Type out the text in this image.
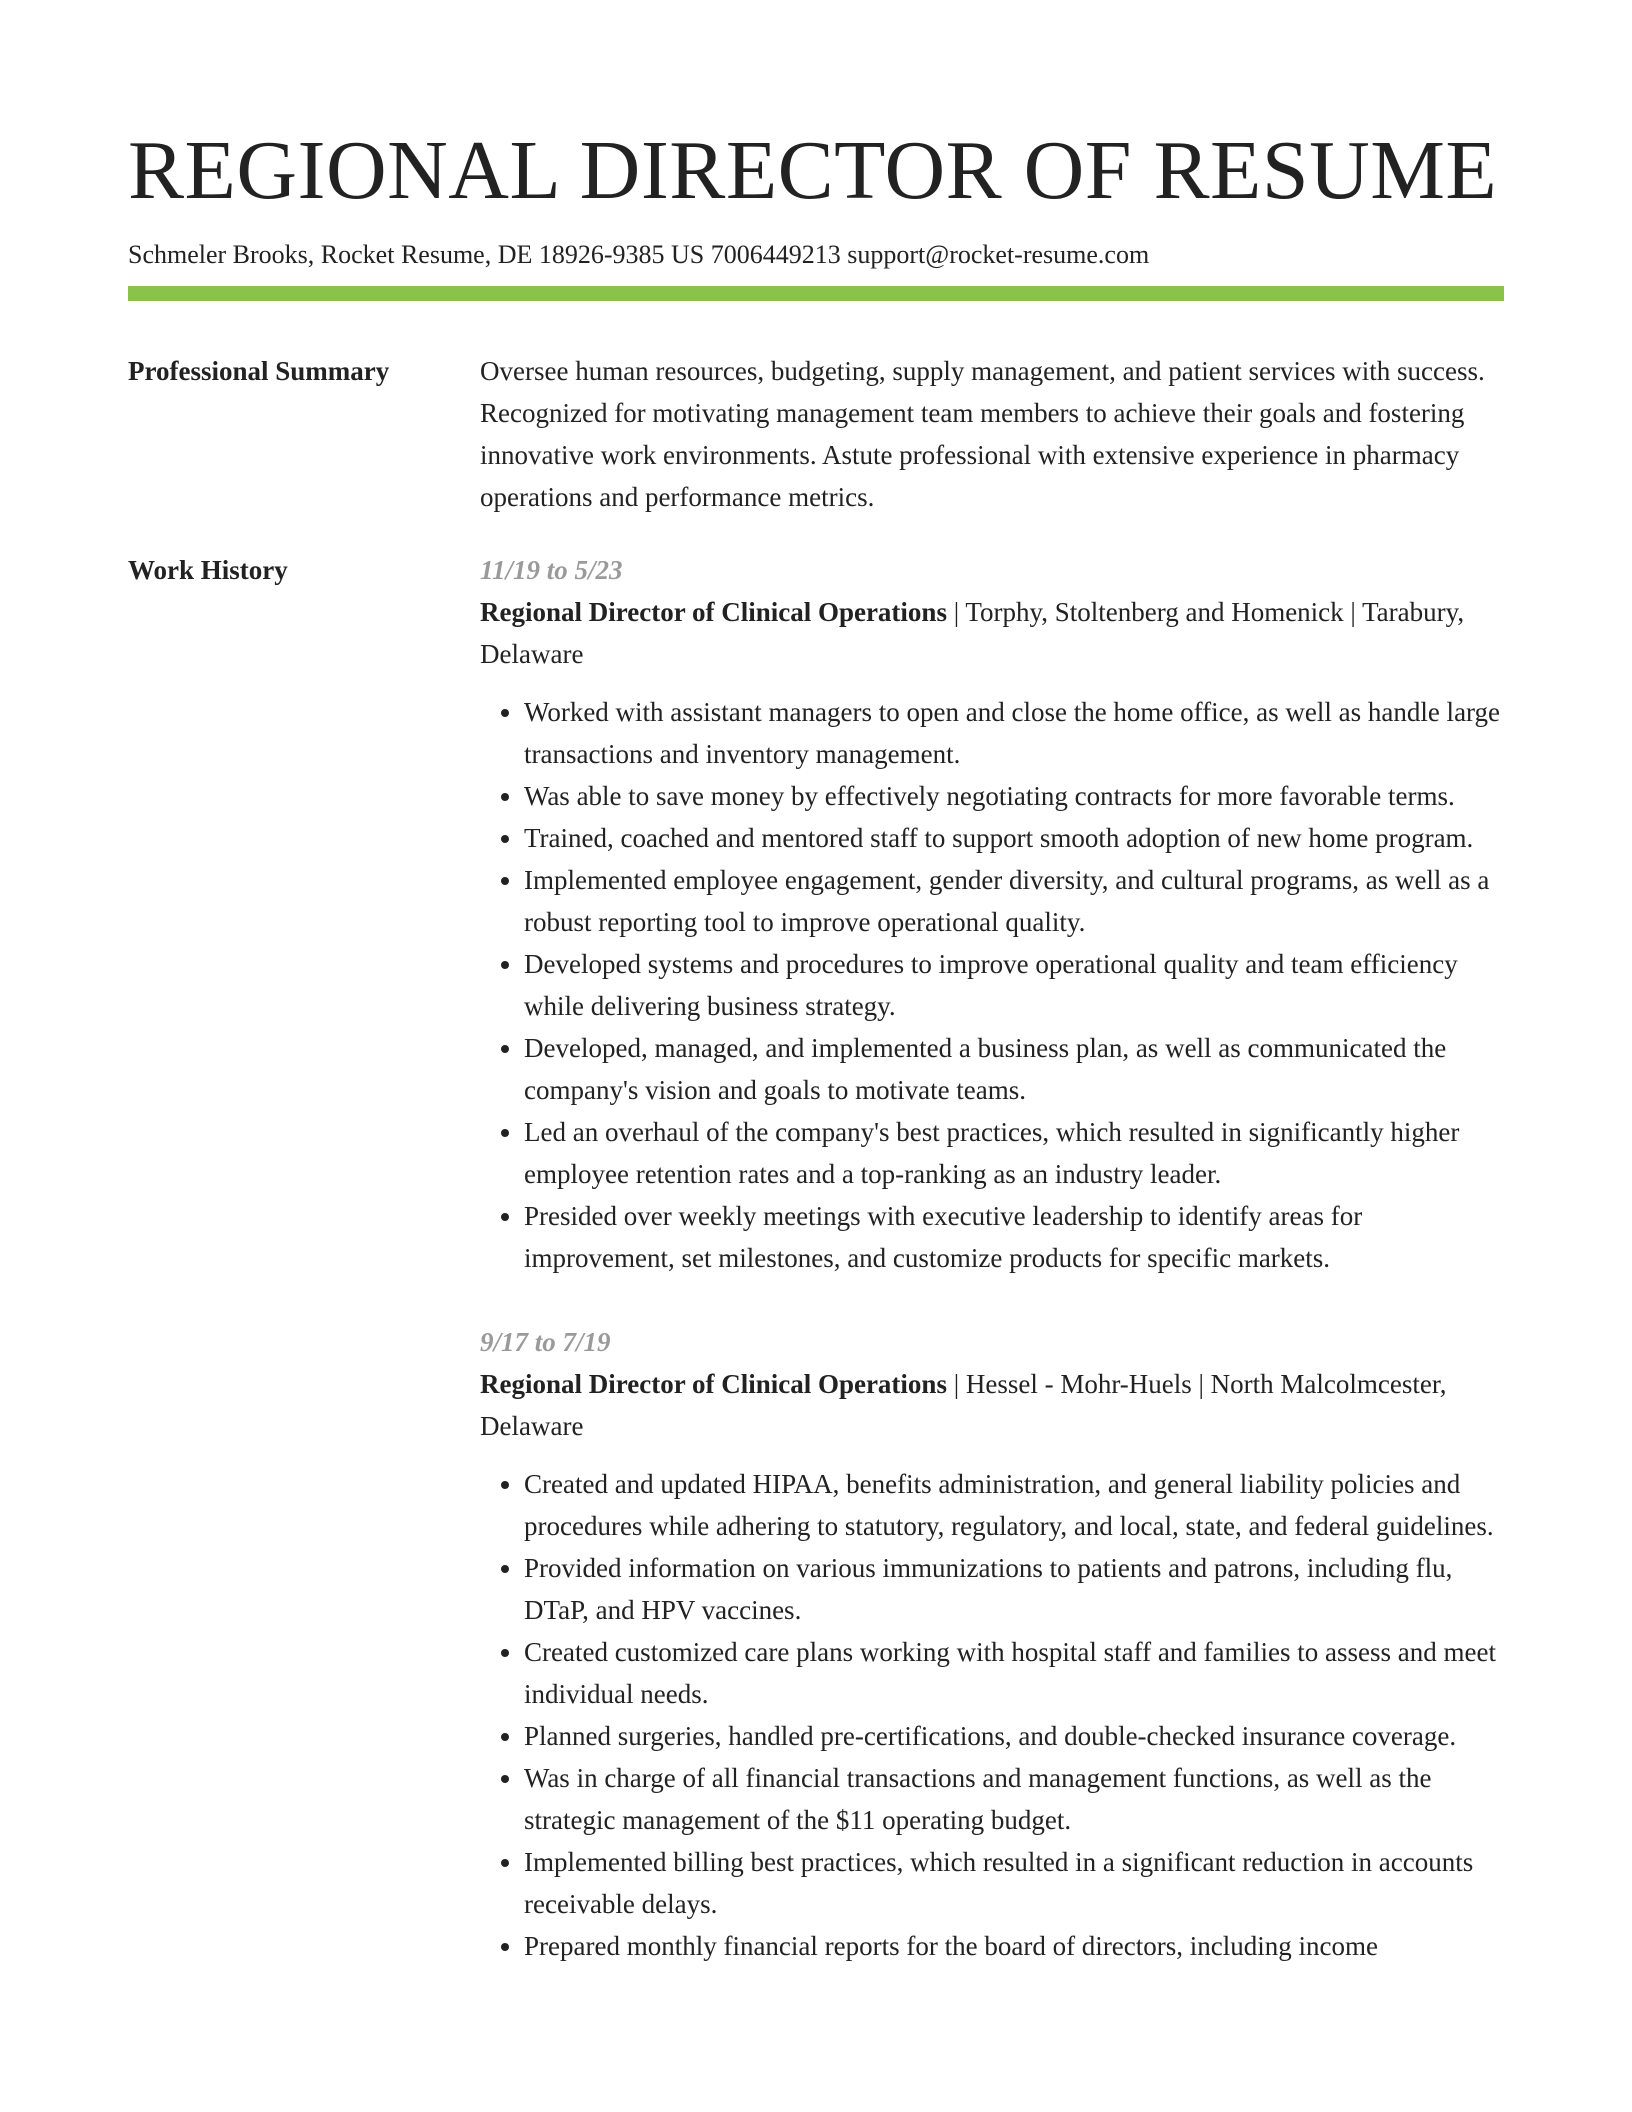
REGIONAL DIRECTOR OF RESUME
Schmeler Brooks, Rocket Resume, DE 18926-9385 US 7006449213 support@rocket-resume.com
Professional Summary	Oversee human resources, budgeting, supply management, and patient services with success. Recognized for motivating management team members to achieve their goals and fostering innovative work environments. Astute professional with extensive experience in pharmacy operations and performance metrics.

Work History	11/19 to 5/23

Regional Director of Clinical Operations | Torphy, Stoltenberg and Homenick | Tarabury, Delaware

• Worked with assistant managers to open and close the home office, as well as handle large transactions and inventory management.
• Was able to save money by effectively negotiating contracts for more favorable terms.
• Trained, coached and mentored staff to support smooth adoption of new home program.
• Implemented employee engagement, gender diversity, and cultural programs, as well as a robust reporting tool to improve operational quality.
• Developed systems and procedures to improve operational quality and team efficiency while delivering business strategy.
• Developed, managed, and implemented a business plan, as well as communicated the company's vision and goals to motivate teams.
• Led an overhaul of the company's best practices, which resulted in significantly higher employee retention rates and a top-ranking as an industry leader.
• Presided over weekly meetings with executive leadership to identify areas for improvement, set milestones, and customize products for specific markets.

9/17 to 7/19

Regional Director of Clinical Operations | Hessel - Mohr-Huels | North Malcolmcester, Delaware

• Created and updated HIPAA, benefits administration, and general liability policies and procedures while adhering to statutory, regulatory, and local, state, and federal guidelines.
• Provided information on various immunizations to patients and patrons, including flu, DTaP, and HPV vaccines.
• Created customized care plans working with hospital staff and families to assess and meet individual needs.
• Planned surgeries, handled pre-certifications, and double-checked insurance coverage.
• Was in charge of all financial transactions and management functions, as well as the strategic management of the $11 operating budget.
• Implemented billing best practices, which resulted in a significant reduction in accounts receivable delays.
• Prepared monthly financial reports for the board of directors, including income
